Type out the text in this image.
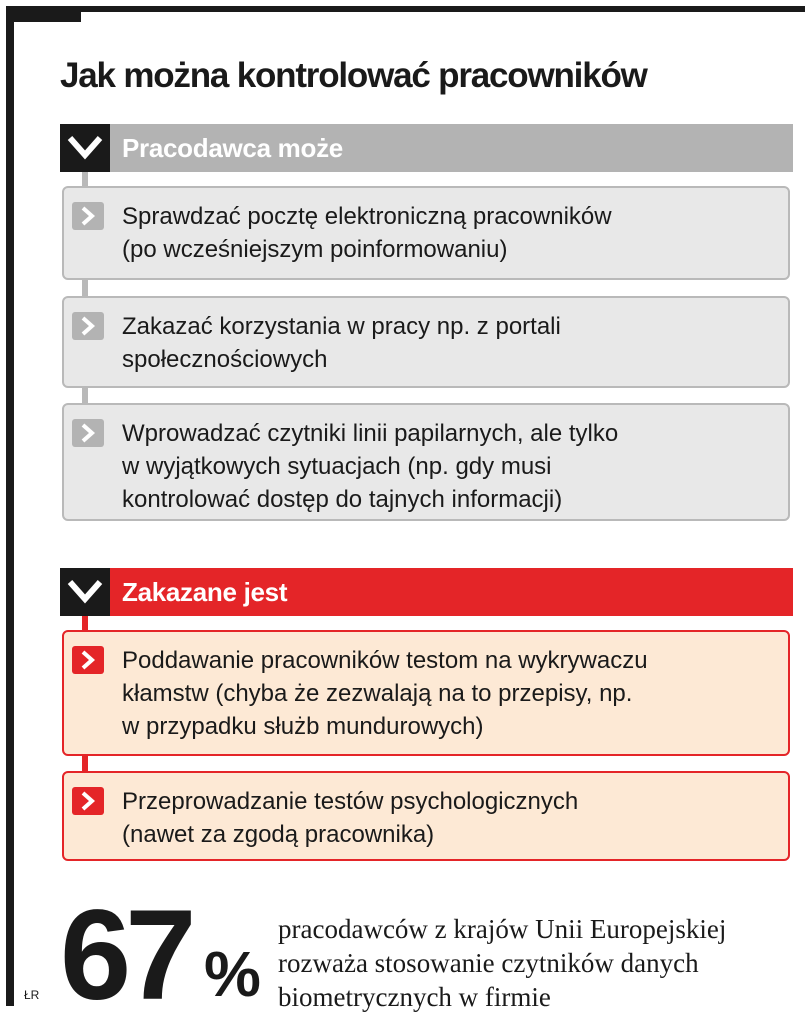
Jak można kontrolować pracowników
Pracodawca może
Sprawdzać pocztę elektroniczną pracowników
(po wcześniejszym poinformowaniu)
Zakazać korzystania w pracy np. z portali
społecznościowych
Wprowadzać czytniki linii papilarnych, ale tylko
w wyjątkowych sytuacjach (np. gdy musi
kontrolować dostęp do tajnych informacji)
Zakazane jest
Poddawanie pracowników testom na wykrywaczu
kłamstw (chyba że zezwalają na to przepisy, np.
w przypadku służb mundurowych)
Przeprowadzanie testów psychologicznych
(nawet za zgodą pracownika)
67 %
pracodawców z krajów Unii Europejskiej
rozważa stosowanie czytników danych
biometrycznych w firmie
ŁR
